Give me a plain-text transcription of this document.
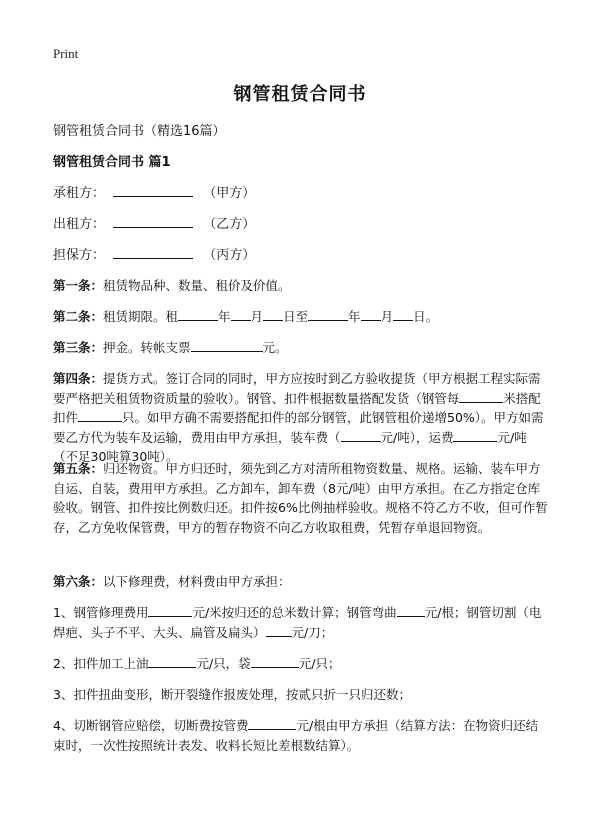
Print
钢管租赁合同书
钢管租赁合同书（精选16篇）
钢管租赁合同书 篇1
承租方：	（甲方）
出租方：	（乙方）
担保方：	（丙方）
第一条：租赁物品种、数量、租价及价值。
第二条：租赁期限。租	年 月 日至	年 月 日。
第三条：押金。转帐支票	元。
第四条：提货方式。签订合同的同时，甲方应按时到乙方验收提货（甲方根据工程实际需要严格把关租赁物资质量的验收）。钢管、扣件根据数量搭配发货（钢管每	米搭配扣件	只。如甲方确不需要搭配扣件的部分钢管，此钢管租价递增50%）。甲方如需要乙方代为装车及运输，费用由甲方承担，装车费（	元/吨），运费	元/吨（不足30吨算30吨）。
第五条：归还物资。甲方归还时，须先到乙方对清所租物资数量、规格。运输、装车甲方自运、自装，费用甲方承担。乙方卸车，卸车费（8元/吨）由甲方承担。在乙方指定仓库验收。钢管、扣件按比例数归还。扣件按6%比例抽样验收。规格不符乙方不收，但可作暂存，乙方免收保管费，甲方的暂存物资不向乙方收取租费，凭暂存单退回物资。
第六条：以下修理费，材料费由甲方承担：
1、钢管修理费用	元/米按归还的总米数计算；钢管弯曲 元/根；钢管切割（电焊疤、头子不平、大头、扁管及扁头） 元/刀；
2、扣件加工上油	元/只，袋	元/只；
3、扣件扭曲变形，断开裂缝作报废处理，按贰只折一只归还数；
4、切断钢管应赔偿，切断费按管费	元/根由甲方承担（结算方法：在物资归还结束时，一次性按照统计表发、收料长短比差根数结算）。
